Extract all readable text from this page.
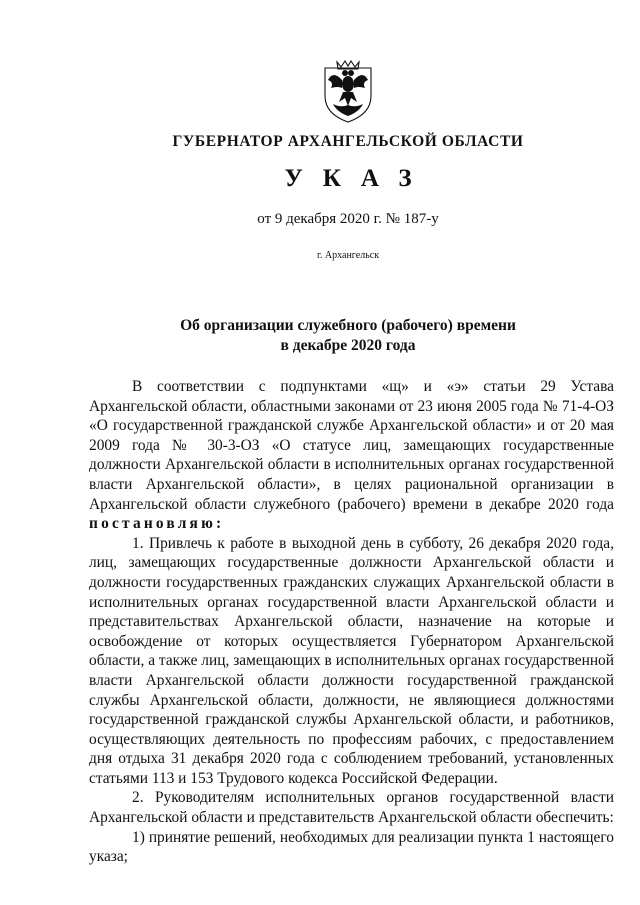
ГУБЕРНАТОР АРХАНГЕЛЬСКОЙ ОБЛАСТИ
УКАЗ
от 9 декабря 2020 г. № 187-у
г. Архангельск
Об организации служебного (рабочего) времени
в декабре 2020 года

В соответствии с подпунктами «щ» и «э» статьи 29 Устава Архангельской области, областными законами от 23 июня 2005 года № 71-4-ОЗ «О государственной гражданской службе Архангельской области» и от 20 мая 2009 года № 30-3-ОЗ «О статусе лиц, замещающих государственные должности Архангельской области в исполнительных органах государственной власти Архангельской области», в целях рациональной организации в Архангельской области служебного (рабочего) времени в декабре 2020 года постановляю:

1. Привлечь к работе в выходной день в субботу, 26 декабря 2020 года, лиц, замещающих государственные должности Архангельской области и должности государственных гражданских служащих Архангельской области в исполнительных органах государственной власти Архангельской области и представительствах Архангельской области, назначение на которые и освобождение от которых осуществляется Губернатором Архангельской области, а также лиц, замещающих в исполнительных органах государственной власти Архангельской области должности государственной гражданской службы Архангельской области, должности, не являющиеся должностями государственной гражданской службы Архангельской области, и работников, осуществляющих деятельность по профессиям рабочих, с предоставлением дня отдыха 31 декабря 2020 года с соблюдением требований, установленных статьями 113 и 153 Трудового кодекса Российской Федерации.

2. Руководителям исполнительных органов государственной власти Архангельской области и представительств Архангельской области обеспечить:

1) принятие решений, необходимых для реализации пункта 1 настоящего указа;
